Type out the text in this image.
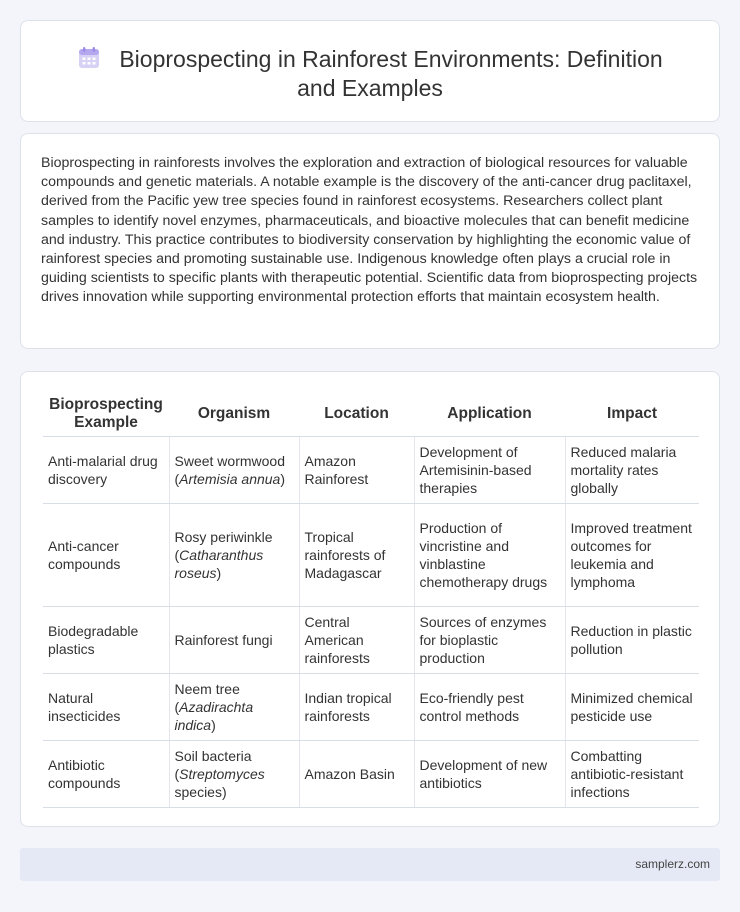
Bioprospecting in Rainforest Environments: Definition and Examples

Bioprospecting in rainforests involves the exploration and extraction of biological resources for valuable compounds and genetic materials. A notable example is the discovery of the anti-cancer drug paclitaxel, derived from the Pacific yew tree species found in rainforest ecosystems. Researchers collect plant samples to identify novel enzymes, pharmaceuticals, and bioactive molecules that can benefit medicine and industry. This practice contributes to biodiversity conservation by highlighting the economic value of rainforest species and promoting sustainable use. Indigenous knowledge often plays a crucial role in guiding scientists to specific plants with therapeutic potential. Scientific data from bioprospecting projects drives innovation while supporting environmental protection efforts that maintain ecosystem health.

Bioprospecting Example	Organism	Location	Application	Impact
Anti-malarial drug discovery	Sweet wormwood (Artemisia annua)	Amazon Rainforest	Development of Artemisinin-based therapies	Reduced malaria mortality rates globally
Anti-cancer compounds	Rosy periwinkle (Catharanthus roseus)	Tropical rainforests of Madagascar	Production of vincristine and vinblastine chemotherapy drugs	Improved treatment outcomes for leukemia and lymphoma
Biodegradable plastics	Rainforest fungi	Central American rainforests	Sources of enzymes for bioplastic production	Reduction in plastic pollution
Natural insecticides	Neem tree (Azadirachta indica)	Indian tropical rainforests	Eco-friendly pest control methods	Minimized chemical pesticide use
Antibiotic compounds	Soil bacteria (Streptomyces species)	Amazon Basin	Development of new antibiotics	Combatting antibiotic-resistant infections
samplerz.com
